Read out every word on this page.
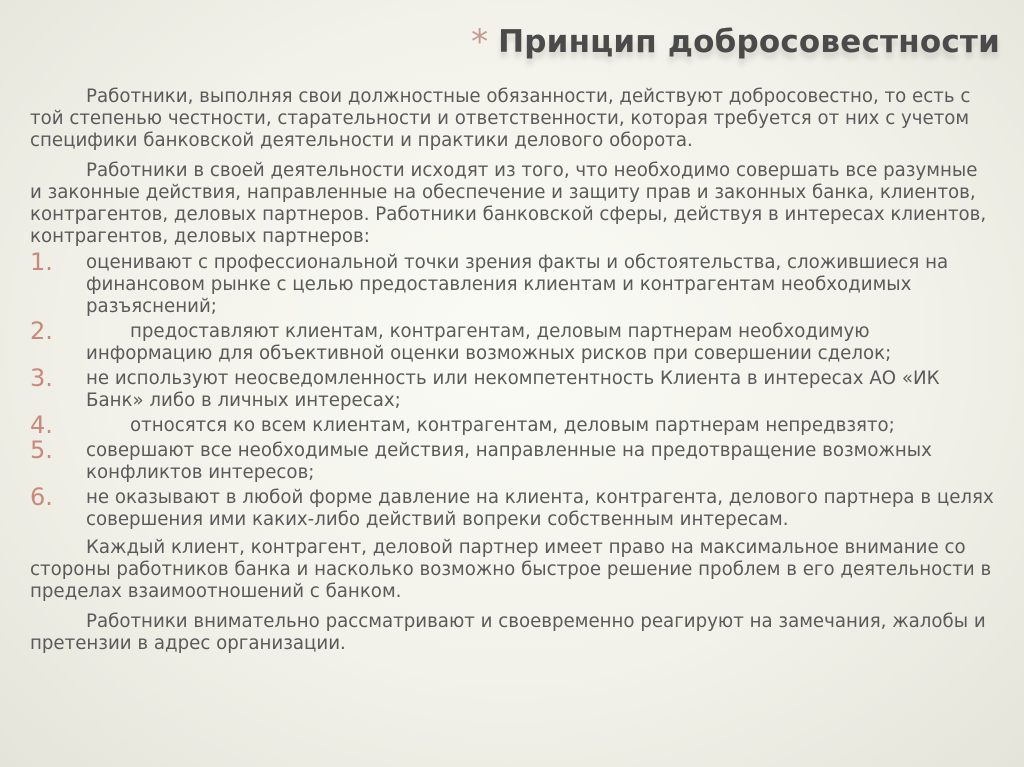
* Принцип добросовестности

Работники, выполняя свои должностные обязанности, действуют добросовестно, то есть с той степенью честности, старательности и ответственности, которая требуется от них с учетом специфики банковской деятельности и практики делового оборота.

Работники в своей деятельности исходят из того, что необходимо совершать все разумные и законные действия, направленные на обеспечение и защиту прав и законных банка, клиентов, контрагентов, деловых партнеров. Работники банковской сферы, действуя в интересах клиентов, контрагентов, деловых партнеров:

1. оценивают с профессиональной точки зрения факты и обстоятельства, сложившиеся на финансовом рынке с целью предоставления клиентам и контрагентам необходимых разъяснений;
2.	предоставляют клиентам, контрагентам, деловым партнерам необходимую информацию для объективной оценки возможных рисков при совершении сделок;
3. не используют неосведомленность или некомпетентность Клиента в интересах АО «ИК Банк» либо в личных интересах;
4.	относятся ко всем клиентам, контрагентам, деловым партнерам непредвзято;
5. совершают все необходимые действия, направленные на предотвращение возможных конфликтов интересов;
6. не оказывают в любой форме давление на клиента, контрагента, делового партнера в целях совершения ими каких-либо действий вопреки собственным интересам.

Каждый клиент, контрагент, деловой партнер имеет право на максимальное внимание со стороны работников банка и насколько возможно быстрое решение проблем в его деятельности в пределах взаимоотношений с банком.

Работники внимательно рассматривают и своевременно реагируют на замечания, жалобы и претензии в адрес организации.
